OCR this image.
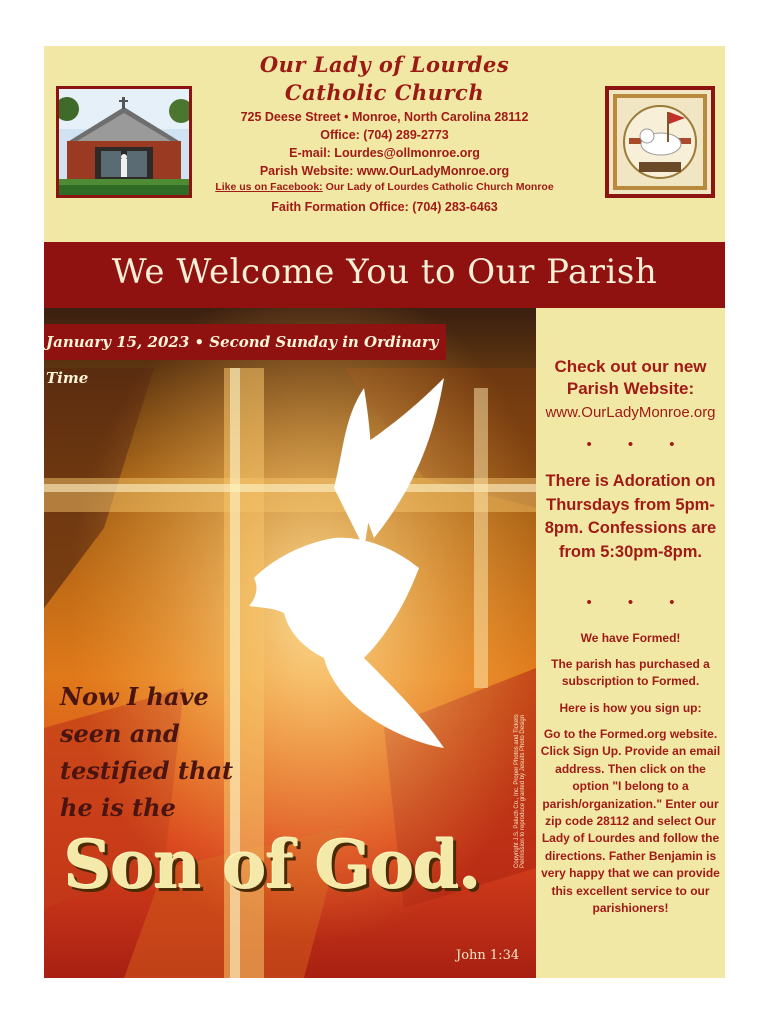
Our Lady of Lourdes
Catholic Church
725 Deese Street • Monroe, North Carolina 28112
Office: (704) 289-2773
E-mail: Lourdes@ollmonroe.org
Parish Website: www.OurLadyMonroe.org
Like us on Facebook: Our Lady of Lourdes Catholic Church Monroe
Faith Formation Office: (704) 283-6463
We Welcome You to Our Parish
January 15, 2023 • Second Sunday in Ordinary Time
Now I have
seen and
testified that
he is the
Son of God.
John 1:34
Copyright J.S. Paluch Co., Inc. Proper Photos and Tickets Permission to reproduce granted by Jesuits Photo Design
Check out our new Parish Website:
www.OurLadyMonroe.org
• • •
There is Adoration on Thursdays from 5pm-8pm. Confessions are from 5:30pm-8pm.
• • •
We have Formed!
The parish has purchased a subscription to Formed.
Here is how you sign up:
Go to the Formed.org website. Click Sign Up. Provide an email address. Then click on the option "I belong to a parish/organization." Enter our zip code 28112 and select Our Lady of Lourdes and follow the directions. Father Benjamin is very happy that we can provide this excellent service to our parishioners!
